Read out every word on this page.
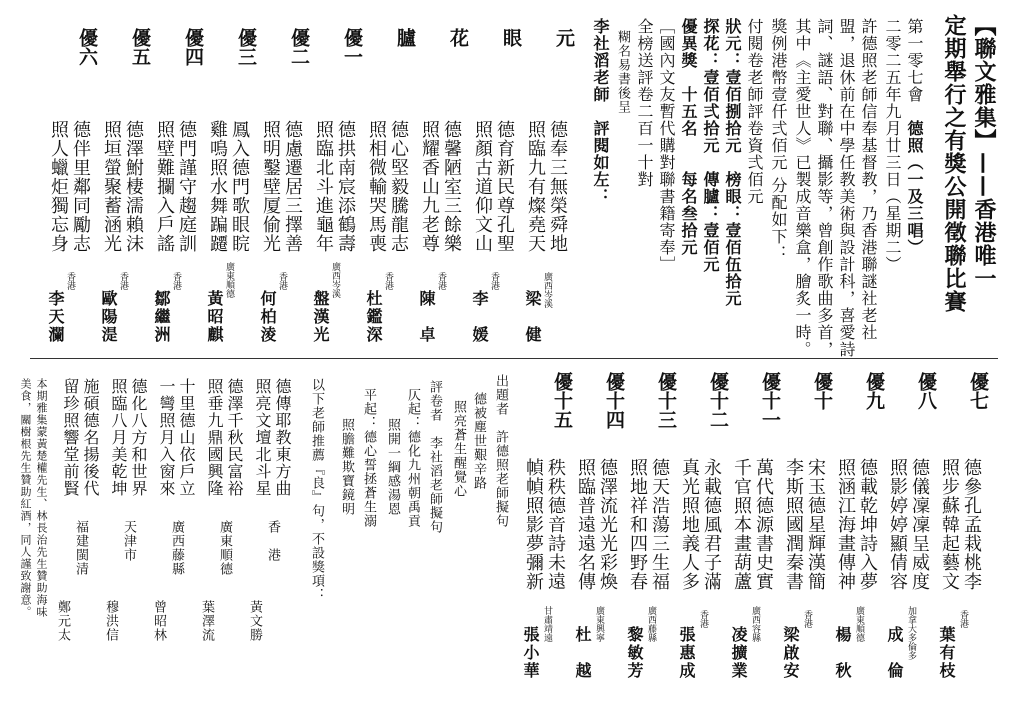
【聯文雅集】——香港唯一
定期舉行之有獎公開徵聯比賽
第一零七會　德照（一及三唱）
二零二五年九月廿三日（星期二）
許德照老師信奉基督教，乃香港聯謎社老社
盟，退休前在中學任教美術與設計科，喜愛詩
詞、謎語、對聯、攝影等，曾創作歌曲多首，
其中《主愛世人》已製成音樂盒，膾炙一時。
獎例港幣壹仟弍佰元 分配如下：
付閱卷老師評卷資弍佰元
狀元：壹佰捌拾元　榜眼：壹佰伍拾元
探花：壹佰弍拾元　傳臚：壹佰元
優異獎　十五名　　每名叁拾元
［國內文友暫代購對聯書籍寄奉］
全榜送評卷二百一十對
糊名易書後呈
李社滔老師　評閱如左：
元
德奉三無榮舜地
照臨九有燦堯天
廣西岑溪
梁　健
眼
德育新民尊孔聖
照顏古道仰文山
香港
李　媛
花
德馨陋室三餘樂
照耀香山九老尊
香港
陳　卓
臚
德心堅毅騰龍志
照相微輸哭馬喪
香港
杜鑑深
優一
德拱南宸添鶴壽
照臨北斗進龜年
廣西岑溪
盤漢光
優二
德慮遷居三擇善
照明鑿壁厦偷光
香港
何柏淩
優三
鳳入德門歌眼睆
雞鳴照水舞蹁躚
廣東順德
黃昭麒
優四
德門謹守趨庭訓
照壁難攔入戶謠
香港
鄒繼洲
優五
德澤鮒棲濡賴沫
照垣螢聚蓄涵光
香港
歐陽湜
優六
德伴里鄰同勵志
照人蠟炬獨忘身
香港
李天瀾
優七
德參孔孟栽桃李
照步蘇韓起藝文
香港
葉有枝
優八
德儀凜凜呈威度
照影婷婷顯倩容
加拿大多倫多
成　倫
優九
德載乾坤詩入夢
照涵江海畫傳神
廣東順德
楊　秋
優十
宋玉德星輝漢簡
李斯照國潤秦書
香港
梁啟安
優十一
萬代德源書史實
千官照本畫葫蘆
廣西容縣
凌擴業
優十二
永載德風君子滿
真光照地義人多
香港
張惠成
優十三
德天浩蕩三生福
照地祥和四野春
廣西藤縣
黎敏芳
優十四
德澤流光光彩煥
照臨普遠遠名傳
廣東興寧
杜　越
優十五
秩秩德音詩未遠
幀幀照影夢彌新
甘肅靖遠
張小華
出題者　許德照老師擬句
德被塵世艱辛路
照亮蒼生醒覺心
評卷者　李社滔老師擬句
仄起：德化九州朝禹貢
照開一綱感湯恩
平起：德心誓拯蒼生溺
照膽難欺寶鏡明
以下老師推薦『良』句，不設獎項：
德傳耶教東方曲
照亮文壇北斗星
香　港
黃文勝
德澤千秋民富裕
照垂九鼎國興隆
廣東順德
葉澤流
十里德山依戶立
一彎照月入窗來
廣西藤縣
曾昭林
德化八方和世界
照臨八月美乾坤
天津市
穆洪信
施碩德名揚後代
留珍照響堂前賢
福建閩清
鄭元太
本期雅集蒙黃楚權先生、林長治先生贊助海味
美食，關樹根先生贊助紅酒，同人謹致謝意。
